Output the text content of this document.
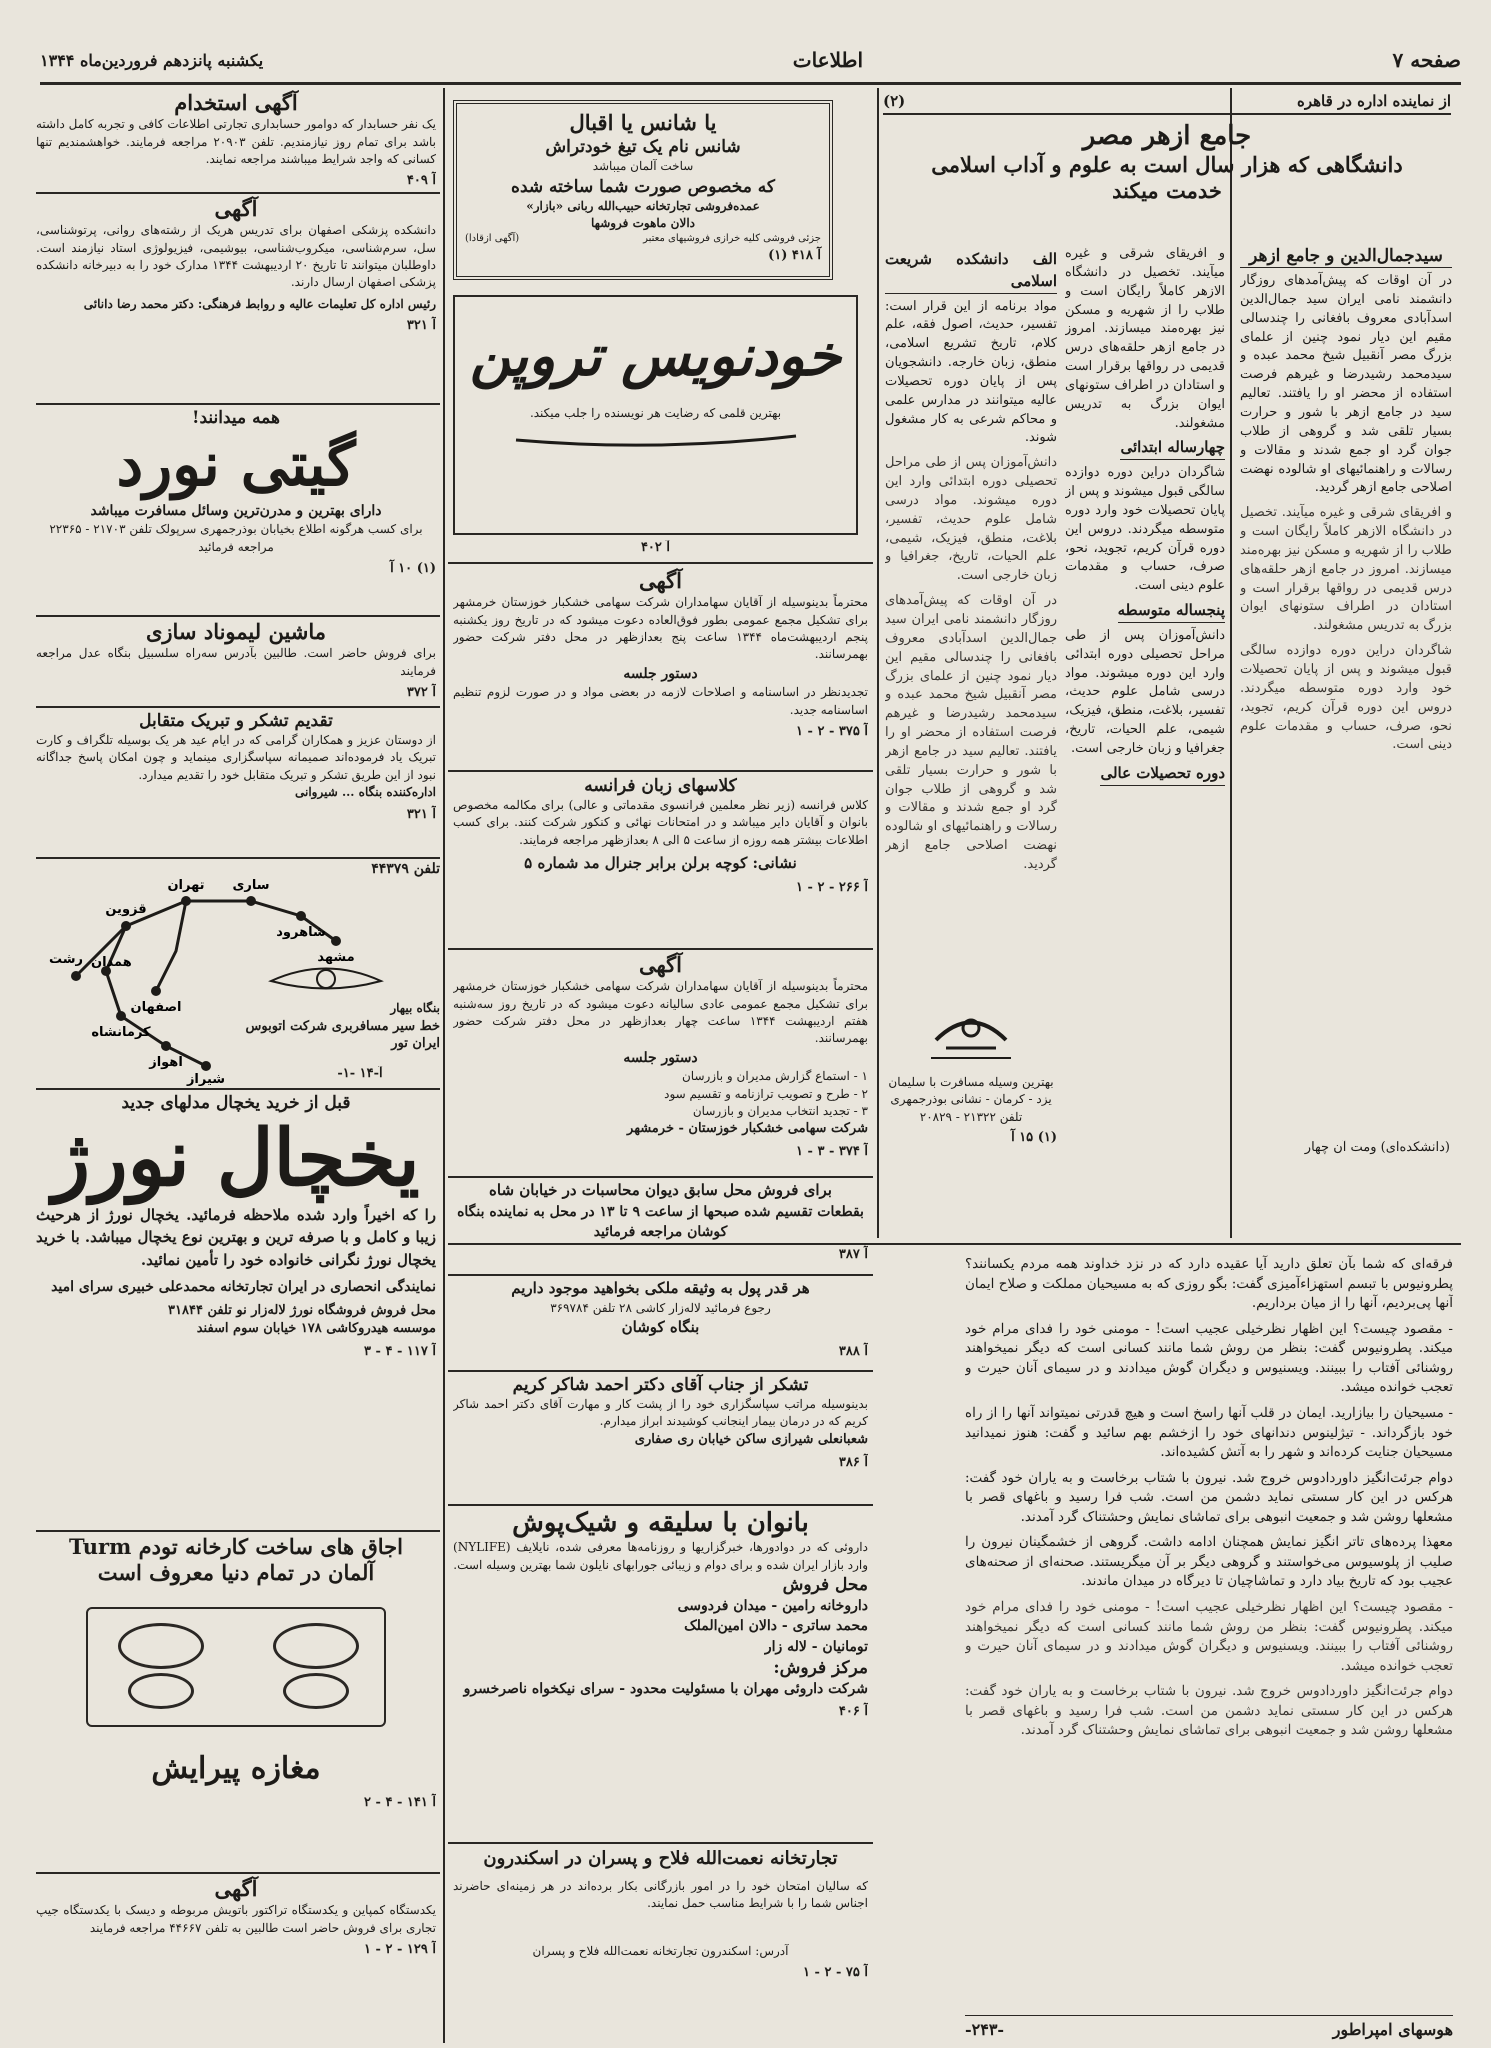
صفحه ۷
اطلاعات
یکشنبه پانزدهم فروردین‌ماه ۱۳۴۴
از نماینده اداره در قاهره
(۲)
جامع ازهر مصر
دانشگاهی که هزار سال است به علوم و آداب اسلامی خدمت میکند
سیدجمال‌الدین و جامع ازهر
در آن اوقات که پیش‌آمدهای روزگار دانشمند نامی ایران سید جمال‌الدین اسدآبادی معروف بافغانی را چندسالی مقیم این دیار نمود چنین از علمای بزرگ مصر آنقبیل شیخ محمد عبده و سیدمحمد رشیدرضا و غیرهم فرصت استفاده از محضر او را یافتند. تعالیم سید در جامع ازهر با شور و حرارت بسیار تلقی شد و گروهی از طلاب جوان گرد او جمع شدند و مقالات و رسالات و راهنمائیهای او شالوده نهضت اصلاحی جامع ازهر گردید.
و افریقای شرقی و غیره میآیند. تخصیل در دانشگاه الازهر کاملاً رایگان است و طلاب را از شهریه و مسکن نیز بهره‌مند میسازند. امروز در جامع ازهر حلقه‌های درس قدیمی در رواقها برقرار است و استادان در اطراف ستونهای ایوان بزرگ به تدریس مشغولند.
شاگردان دراین دوره دوازده سالگی قبول میشوند و پس از پایان تحصیلات خود وارد دوره متوسطه میگردند. دروس این دوره قرآن کریم، تجوید، نحو، صرف، حساب و مقدمات علوم دینی است.
و افریقای شرقی و غیره میآیند. تخصیل در دانشگاه الازهر کاملاً رایگان است و طلاب را از شهریه و مسکن نیز بهره‌مند میسازند. امروز در جامع ازهر حلقه‌های درس قدیمی در رواقها برقرار است و استادان در اطراف ستونهای ایوان بزرگ به تدریس مشغولند.
چهارساله ابتدائی
شاگردان دراین دوره دوازده سالگی قبول میشوند و پس از پایان تحصیلات خود وارد دوره متوسطه میگردند. دروس این دوره قرآن کریم، تجوید، نحو، صرف، حساب و مقدمات علوم دینی است.
پنجساله متوسطه
دانش‌آموزان پس از طی مراحل تحصیلی دوره ابتدائی وارد این دوره میشوند. مواد درسی شامل علوم حدیث، تفسیر، بلاغت، منطق، فیزیک، شیمی، علم الحیات، تاریخ، جغرافیا و زبان خارجی است.
دوره تحصیلات عالی
الف دانشکده شریعت اسلامی
مواد برنامه از این قرار است: تفسیر، حدیث، اصول فقه، علم کلام، تاریخ تشریع اسلامی، منطق، زبان خارجه. دانشجویان پس از پایان دوره تحصیلات عالیه میتوانند در مدارس علمی و محاکم شرعی به کار مشغول شوند.
دانش‌آموزان پس از طی مراحل تحصیلی دوره ابتدائی وارد این دوره میشوند. مواد درسی شامل علوم حدیث، تفسیر، بلاغت، منطق، فیزیک، شیمی، علم الحیات، تاریخ، جغرافیا و زبان خارجی است.
در آن اوقات که پیش‌آمدهای روزگار دانشمند نامی ایران سید جمال‌الدین اسدآبادی معروف بافغانی را چندسالی مقیم این دیار نمود چنین از علمای بزرگ مصر آنقبیل شیخ محمد عبده و سیدمحمد رشیدرضا و غیرهم فرصت استفاده از محضر او را یافتند. تعالیم سید در جامع ازهر با شور و حرارت بسیار تلقی شد و گروهی از طلاب جوان گرد او جمع شدند و مقالات و رسالات و راهنمائیهای او شالوده نهضت اصلاحی جامع ازهر گردید.
(دانشکده‌ای) ومت آن چهار
بهترین وسیله مسافرت با سلیمان یزد - کرمان - نشانی بوذرجمهری تلفن ۲۱۳۲۲ - ۲۰۸۲۹
(۱) ۱۵ آ
فرقه‌ای که شما بآن تعلق دارید آیا عقیده دارد که در نزد خداوند همه مردم یکسانند؟ پطرونیوس با تبسم استهزاءآمیزی گفت: بگو روزی که به مسیحیان مملکت و صلاح ایمان آنها پی‌بردیم، آنها را از میان برداریم.
- مقصود چیست؟ این اظهار نظرخیلی عجیب است! - مومنی خود را فدای مرام خود میکند. پطرونیوس گفت: بنظر من روش شما مانند کسانی است که دیگر نمیخواهند روشنائی آفتاب را ببینند. ویسنیوس و دیگران گوش میدادند و در سیمای آنان حیرت و تعجب خوانده میشد.
- مسیحیان را بیازارید. ایمان در قلب آنها راسخ است و هیچ قدرتی نمیتواند آنها را از راه خود بازگرداند. - تیژلینوس دندانهای خود را ازخشم بهم سائید و گفت: هنوز نمیدانید مسیحیان جنایت کرده‌اند و شهر را به آتش کشیده‌اند.
دوام جرئت‌انگیز داوردادوس خروج شد. نیرون با شتاب برخاست و به یاران خود گفت: هرکس در این کار سستی نماید دشمن من است. شب فرا رسید و باغهای قصر با مشعلها روشن شد و جمعیت انبوهی برای تماشای نمایش وحشتناک گرد آمدند.
معهذا پرده‌های تاتر انگیز نمایش همچنان ادامه داشت. گروهی از خشمگینان نیرون را صلیب از پلوسیوس می‌خواستند و گروهی دیگر بر آن میگریستند. صحنه‌ای از صحنه‌های عجیب بود که تاریخ بیاد دارد و تماشاچیان تا دیرگاه در میدان ماندند.
- مقصود چیست؟ این اظهار نظرخیلی عجیب است! - مومنی خود را فدای مرام خود میکند. پطرونیوس گفت: بنظر من روش شما مانند کسانی است که دیگر نمیخواهند روشنائی آفتاب را ببینند. ویسنیوس و دیگران گوش میدادند و در سیمای آنان حیرت و تعجب خوانده میشد.
دوام جرئت‌انگیز داوردادوس خروج شد. نیرون با شتاب برخاست و به یاران خود گفت: هرکس در این کار سستی نماید دشمن من است. شب فرا رسید و باغهای قصر با مشعلها روشن شد و جمعیت انبوهی برای تماشای نمایش وحشتناک گرد آمدند.
هوسهای امپراطور
-۲۴۳-
یا شانس یا اقبال
شانس نام یک تیغ خودتراش
ساخت آلمان میباشد
که مخصوص صورت شما ساخته شده
عمده‌فروشی تجارتخانه حبیب‌الله ربانی «بازار»
دالان ماهوت فروشها
جزئی فروشی کلیه خرازی فروشیهای معتبر
(آگهی ازقادا)
آ ۴۱۸ (۱)
خودنویس تروپن
بهترین قلمی که رضایت هر نویسنده را جلب میکند.
آ ۴۰۲
آگهی
محترماً بدینوسیله از آقایان سهامداران شرکت سهامی خشکبار خوزستان خرمشهر برای تشکیل مجمع عمومی بطور فوق‌العاده دعوت میشود که در تاریخ روز یکشنبه پنجم اردیبهشت‌ماه ۱۳۴۴ ساعت پنج بعدازظهر در محل دفتر شرکت حضور بهمرسانند.
دستور جلسه
تجدیدنظر در اساسنامه و اصلاحات لازمه در بعضی مواد و در صورت لزوم تنظیم اساسنامه جدید.
آ ۳۷۵ - ۲ - ۱
کلاسهای زبان فرانسه
کلاس فرانسه (زیر نظر معلمین فرانسوی مقدماتی و عالی) برای مکالمه مخصوص بانوان و آقایان دایر میباشد و در امتحانات نهائی و کنکور شرکت کنند. برای کسب اطلاعات بیشتر همه روزه از ساعت ۵ الی ۸ بعدازظهر مراجعه فرمایند.
نشانی: کوچه برلن برابر جنرال مد شماره ۵
آ ۲۶۶ - ۲ - ۱
آگهی
محترماً بدینوسیله از آقایان سهامداران شرکت سهامی خشکبار خوزستان خرمشهر برای تشکیل مجمع عمومی عادی سالیانه دعوت میشود که در تاریخ روز سه‌شنبه هفتم اردیبهشت ۱۳۴۴ ساعت چهار بعدازظهر در محل دفتر شرکت حضور بهمرسانند.
دستور جلسه
۱ - استماع گزارش مدیران و بازرسان
۲ - طرح و تصویب ترازنامه و تقسیم سود
۳ - تجدید انتخاب مدیران و بازرسان
شرکت سهامی خشکبار خوزستان - خرمشهر
آ ۳۷۴ - ۳ - ۱
برای فروش محل سابق دیوان محاسبات در خیابان شاه
بقطعات تقسیم شده صبحها از ساعت ۹ تا ۱۳ در محل به نماینده بنگاه کوشان مراجعه فرمائید
آ ۳۸۷
هر قدر پول به وثیقه ملکی بخواهید موجود داریم
رجوع فرمائید لاله‌زار کاشی ۲۸ تلفن ۳۶۹۷۸۴
بنگاه کوشان
آ ۳۸۸
تشکر از جناب آقای دکتر احمد شاکر کریم
بدینوسیله مراتب سپاسگزاری خود را از پشت کار و مهارت آقای دکتر احمد شاکر کریم که در درمان بیمار اینجانب کوشیدند ابراز میدارم.
شعبانعلی شیرازی ساکن خیابان ری صفاری
آ ۳۸۶
بانوان با سلیقه و شیک‌پوش
داروئی که در دوادورها، خبرگزاریها و روزنامه‌ها معرفی شده، نایلایف (NYLIFE) وارد بازار ایران شده و برای دوام و زیبائی جورابهای نایلون شما بهترین وسیله است.
محل فروش
داروخانه رامین - میدان فردوسی
محمد ساتری - دالان امین‌الملک
تومانیان - لاله زار
مرکز فروش:
شرکت داروئی مهران با مسئولیت محدود - سرای نیکخواه ناصرخسرو
آ ۴۰۶
تجارتخانه نعمت‌الله فلاح و پسران در اسکندرون
که سالیان امتحان خود را در امور بازرگانی بکار برده‌اند در هر زمینه‌ای حاضرند اجناس شما را با شرایط مناسب حمل نمایند.
آدرس: اسکندرون تجارتخانه نعمت‌الله فلاح و پسران
آ ۷۵ - ۲ - ۱
آگهی استخدام
یک نفر حسابدار که دوامور حسابداری تجارتی اطلاعات کافی و تجربه کامل داشته باشد برای تمام روز نیازمندیم. تلفن ۲۰۹۰۳ مراجعه فرمایند. خواهشمندیم تنها کسانی که واجد شرایط میباشند مراجعه نمایند.
آ ۴۰۹
آگهی
دانشکده پزشکی اصفهان برای تدریس هریک از رشته‌های روانی، پرتوشناسی، سل، سرم‌شناسی، میکروب‌شناسی، بیوشیمی، فیزیولوژی استاد نیازمند است. داوطلبان میتوانند تا تاریخ ۲۰ اردیبهشت ۱۳۴۴ مدارک خود را به دبیرخانه دانشکده پزشکی اصفهان ارسال دارند.
رئیس اداره کل تعلیمات عالیه و روابط فرهنگی: دکتر محمد رضا دانائی
آ ۳۲۱
همه میدانند!
گیتی نورد
دارای بهترین و مدرن‌ترین وسائل مسافرت میباشد
برای کسب هرگونه اطلاع بخیابان بوذرجمهری سرپولک تلفن ۲۱۷۰۳ - ۲۲۳۶۵ مراجعه فرمائید
(۱) ۱۰ آ
ماشین لیموناد سازی
برای فروش حاضر است. طالبین بآدرس سه‌راه سلسبیل بنگاه عدل مراجعه فرمایند
آ ۳۷۲
تقدیم تشکر و تبریک متقابل
از دوستان عزیز و همکاران گرامی که در ایام عید هر یک بوسیله تلگراف و کارت تبریک یاد فرموده‌اند صمیمانه سپاسگزاری مینماید و چون امکان پاسخ جداگانه نبود از این طریق تشکر و تبریک متقابل خود را تقدیم میدارد.
اداره‌کننده بنگاه ... شیروانی
آ ۳۲۱
تهران
قزوین
رشت	مشهد
شاهرود
ساری
اصفهان
شیراز
اهواز
همدان
کرمانشاه
تلفن ۴۴۳۷۹
بنگاه بیهار
خط سیر مسافربری شرکت اتوبوس ایران تور
آ-۱۴ -۱-
قبل از خرید یخچال مدلهای جدید
یخچال نورژ
را که اخیراً وارد شده ملاحظه فرمائید. یخچال نورژ از هرحیث زیبا و کامل و با صرفه ترین و بهترین نوع یخچال میباشد. با خرید یخچال نورژ نگرانی خانواده خود را تأمین نمائید.
نمایندگی انحصاری در ایران تجارتخانه محمدعلی خبیری سرای امید
محل فروش فروشگاه نورژ لاله‌زار نو تلفن ۳۱۸۴۴
موسسه هیدروکاشی ۱۷۸ خیابان سوم اسفند
آ ۱۱۷ - ۴ - ۳
اجاق های ساخت کارخانه تودم Turm
آلمان در تمام دنیا معروف است
مغازه پیرایش
آ ۱۴۱ - ۴ - ۲
آگهی
یکدستگاه کمپاین و یکدستگاه تراکتور باتویش مربوطه و دیسک با یکدستگاه جیپ تجاری برای فروش حاضر است طالبین به تلفن ۴۴۶۶۷ مراجعه فرمایند
آ ۱۲۹ - ۲ - ۱
